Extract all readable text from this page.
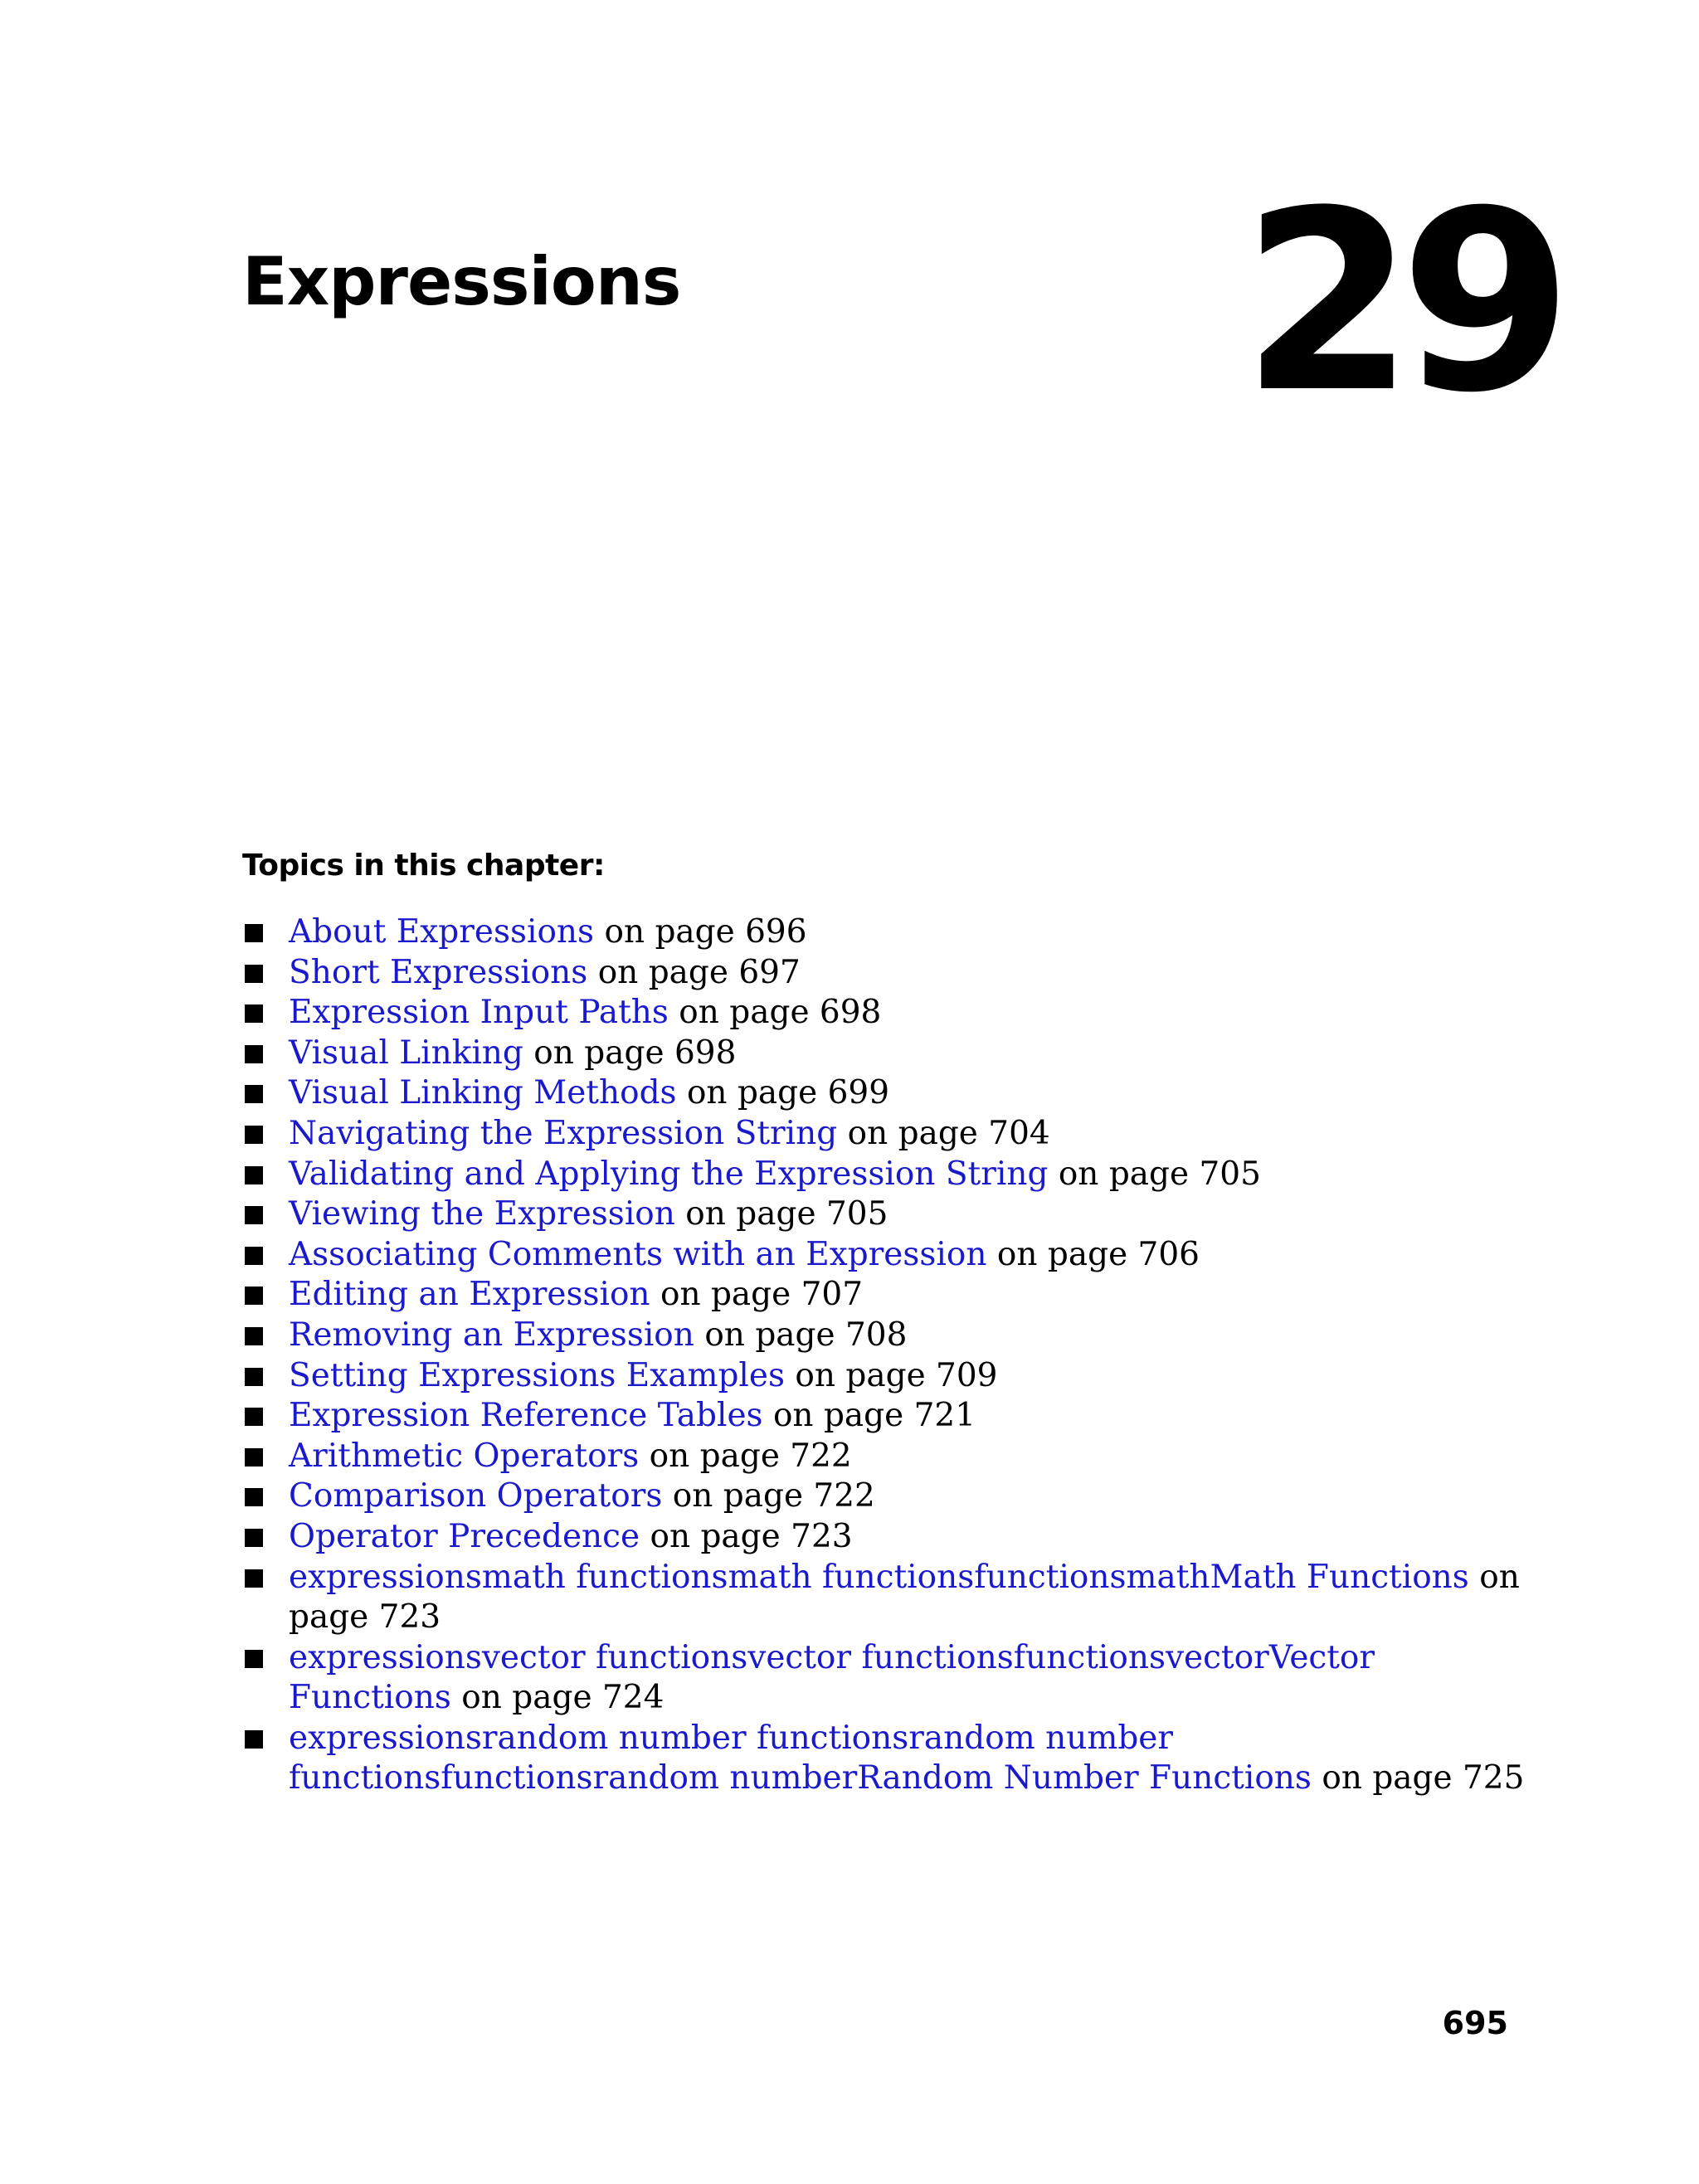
Expressions 29
Topics in this chapter:
About Expressions on page 696
Short Expressions on page 697
Expression Input Paths on page 698
Visual Linking on page 698
Visual Linking Methods on page 699
Navigating the Expression String on page 704
Validating and Applying the Expression String on page 705
Viewing the Expression on page 705
Associating Comments with an Expression on page 706
Editing an Expression on page 707
Removing an Expression on page 708
Setting Expressions Examples on page 709
Expression Reference Tables on page 721
Arithmetic Operators on page 722
Comparison Operators on page 722
Operator Precedence on page 723
expressionsmath functionsmath functionsfunctionsmathMath Functions on page 723
expressionsvector functionsvector functionsfunctionsvectorVector Functions on page 724
expressionsrandom number functionsrandom number functionsfunctionsrandom numberRandom Number Functions on page 725
695
